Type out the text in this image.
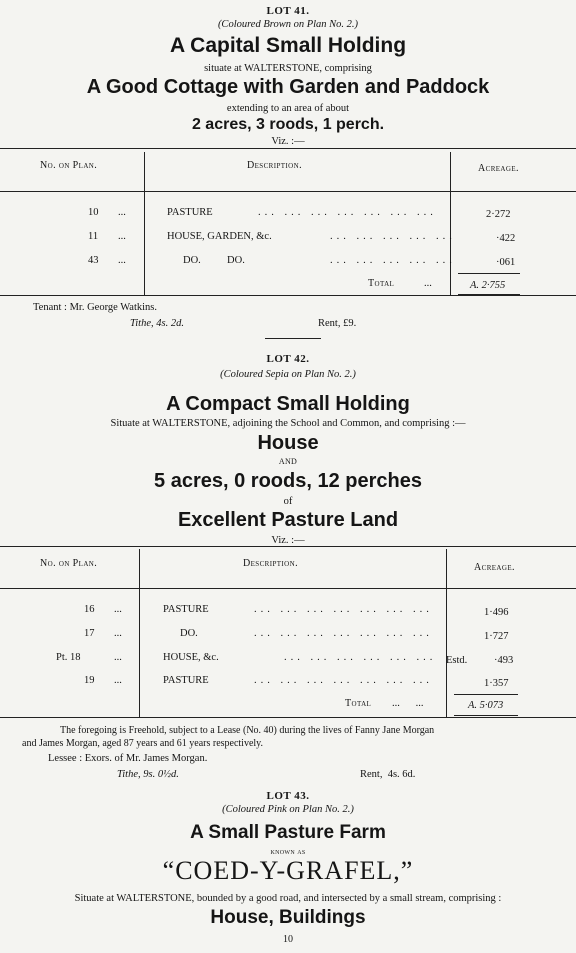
LOT 41.
(Coloured Brown on Plan No. 2.)
A Capital Small Holding
situate at WALTERSTONE, comprising
A Good Cottage with Garden and Paddock
extending to an area of about
2 acres, 3 roods, 1 perch.
Viz. :—
No. on Plan.	Description.	Acreage.
10 ...	PASTURE	... ... ... ... ... ... ...	2·272
11 ...	HOUSE, GARDEN, &c.	... ... ... ... ...	·422
43 ...	DO.          DO.	... ... ... ... ...	·061
Total	...	A. 2·755
Tenant : Mr. George Watkins.
Tithe, 4s. 2d.	Rent, £9.
LOT 42.
(Coloured Sepia on Plan No. 2.)
A Compact Small Holding
Situate at WALTERSTONE, adjoining the School and Common, and comprising :—
House
AND
5 acres, 0 roods, 12 perches
of
Excellent Pasture Land
Viz. :—
No. on Plan.	Description.	Acreage.
16 ...	PASTURE	... ... ... ... ... ... ...	1·496
17 ...	DO.	... ... ... ... ... ... ...	1·727
Pt. 18	...	HOUSE, &c.	... ... ... ... ... ... Estd.	·493
19 ...	PASTURE	... ... ... ... ... ... ...	1·357
Total ...      ...	A. 5·073
The foregoing is Freehold, subject to a Lease (No. 40) during the lives of Fanny Jane Morgan
and James Morgan, aged 87 years and 61 years respectively.
Lessee : Exors. of Mr. James Morgan.
Tithe, 9s. 0½d.	Rent,  4s. 6d.
LOT 43.
(Coloured Pink on Plan No. 2.)
A Small Pasture Farm
known as
“COED-Y-GRAFEL,”
Situate at WALTERSTONE, bounded by a good road, and intersected by a small stream, comprising :
House, Buildings
10
